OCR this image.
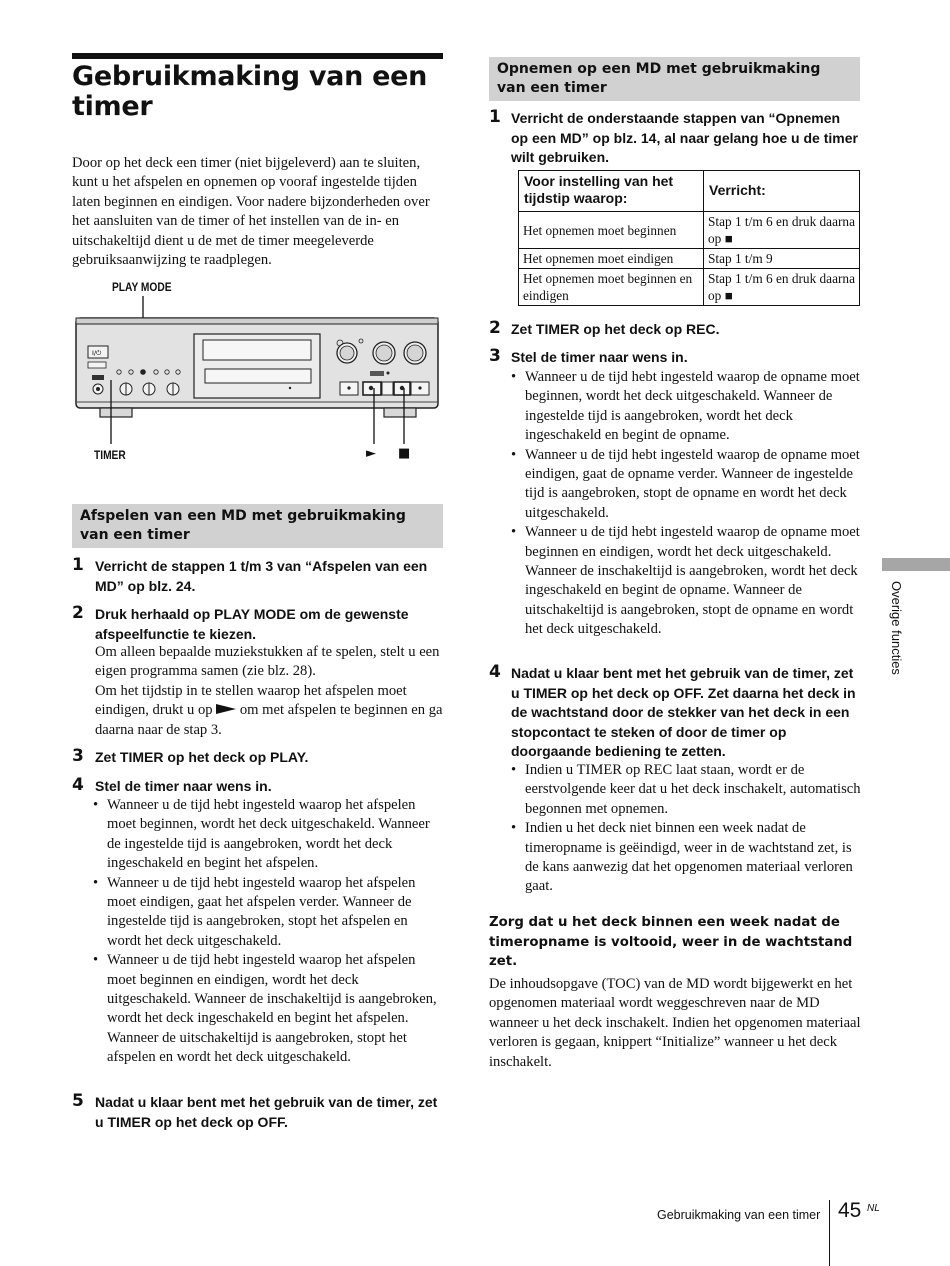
Gebruikmaking van een timer

Door op het deck een timer (niet bijgeleverd) aan te sluiten, kunt u het afspelen en opnemen op vooraf ingestelde tijden laten beginnen en eindigen. Voor nadere bijzonderheden over het aansluiten van de timer of het instellen van de in- en uitschakeltijd dient u de met de timer meegeleverde gebruiksaanwijzing te raadplegen.

PLAY MODE
I/⏻
TIMER	► ■
Afspelen van een MD met gebruikmaking van een timer
1 Verricht de stappen 1 t/m 3 van “Afspelen van een MD” op blz. 24.
2 Druk herhaald op PLAY MODE om de gewenste afspeelfunctie te kiezen.
Om alleen bepaalde muziekstukken af te spelen, stelt u een eigen programma samen (zie blz. 28).
Om het tijdstip in te stellen waarop het afspelen moet eindigen, drukt u op om met afspelen te beginnen en ga daarna naar de stap 3.
3 Zet TIMER op het deck op PLAY.
4 Stel de timer naar wens in.
• Wanneer u de tijd hebt ingesteld waarop het afspelen moet beginnen, wordt het deck uitgeschakeld. Wanneer de ingestelde tijd is aangebroken, wordt het deck ingeschakeld en begint het afspelen.
• Wanneer u de tijd hebt ingesteld waarop het afspelen moet eindigen, gaat het afspelen verder. Wanneer de ingestelde tijd is aangebroken, stopt het afspelen en wordt het deck uitgeschakeld.
• Wanneer u de tijd hebt ingesteld waarop het afspelen moet beginnen en eindigen, wordt het deck uitgeschakeld. Wanneer de inschakeltijd is aangebroken, wordt het deck ingeschakeld en begint het afspelen. Wanneer de uitschakeltijd is aangebroken, stopt het afspelen en wordt het deck uitgeschakeld.
5 Nadat u klaar bent met het gebruik van de timer, zet u TIMER op het deck op OFF.
Opnemen op een MD met gebruikmaking van een timer
1 Verricht de onderstaande stappen van “Opnemen op een MD” op blz. 14, al naar gelang hoe u de timer wilt gebruiken.
Voor instelling van het tijdstip waarop:	Verricht:
Het opnemen moet beginnen	Stap 1 t/m 6 en druk daarna op ■
Het opnemen moet eindigen	Stap 1 t/m 9
Het opnemen moet beginnen en eindigen	Stap 1 t/m 6 en druk daarna op ■
2 Zet TIMER op het deck op REC.
3 Stel de timer naar wens in.
• Wanneer u de tijd hebt ingesteld waarop de opname moet beginnen, wordt het deck uitgeschakeld. Wanneer de ingestelde tijd is aangebroken, wordt het deck ingeschakeld en begint de opname.
• Wanneer u de tijd hebt ingesteld waarop de opname moet eindigen, gaat de opname verder. Wanneer de ingestelde tijd is aangebroken, stopt de opname en wordt het deck uitgeschakeld.
• Wanneer u de tijd hebt ingesteld waarop de opname moet beginnen en eindigen, wordt het deck uitgeschakeld. Wanneer de inschakeltijd is aangebroken, wordt het deck ingeschakeld en begint de opname. Wanneer de uitschakeltijd is aangebroken, stopt de opname en wordt het deck uitgeschakeld.
4 Nadat u klaar bent met het gebruik van de timer, zet u TIMER op het deck op OFF. Zet daarna het deck in de wachtstand door de stekker van het deck in een stopcontact te steken of door de timer op doorgaande bediening te zetten.
• Indien u TIMER op REC laat staan, wordt er de eerstvolgende keer dat u het deck inschakelt, automatisch begonnen met opnemen.
• Indien u het deck niet binnen een week nadat de timeropname is geëindigd, weer in de wachtstand zet, is de kans aanwezig dat het opgenomen materiaal verloren gaat.
Zorg dat u het deck binnen een week nadat de timeropname is voltooid, weer in de wachtstand zet.

De inhoudsopgave (TOC) van de MD wordt bijgewerkt en het opgenomen materiaal wordt weggeschreven naar de MD wanneer u het deck inschakelt. Indien het opgenomen materiaal verloren is gegaan, knippert “Initialize” wanneer u het deck inschakelt.

Overige functies
Gebruikmaking van een timer 45 NL
